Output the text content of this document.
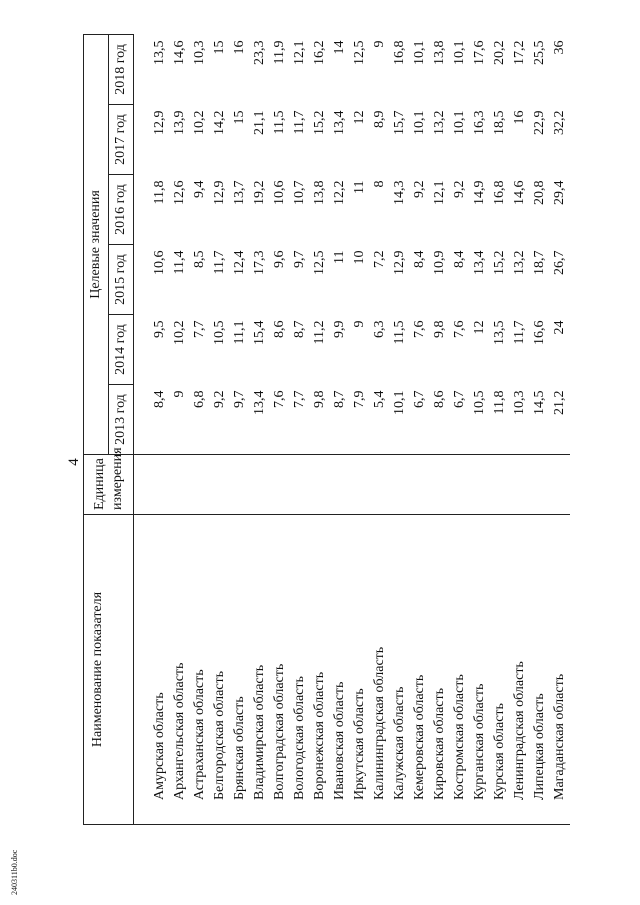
4
Наименование показателя	Единица измерения	Целевые значения					
		2013 год	2014 год	2015 год	2016 год	2017 год	2018 год

Амурская область		8,4	9,5	10,6	11,8	12,9	13,5
Архангельская область		9	10,2	11,4	12,6	13,9	14,6
Астраханская область		6,8	7,7	8,5	9,4	10,2	10,3
Белгородская область		9,2	10,5	11,7	12,9	14,2	15
Брянская область		9,7	11,1	12,4	13,7	15	16
Владимирская область		13,4	15,4	17,3	19,2	21,1	23,3
Волгоградская область		7,6	8,6	9,6	10,6	11,5	11,9
Вологодская область		7,7	8,7	9,7	10,7	11,7	12,1
Воронежская область		9,8	11,2	12,5	13,8	15,2	16,2
Ивановская область		8,7	9,9	11	12,2	13,4	14
Иркутская область		7,9	9	10	11	12	12,5
Калининградская область		5,4	6,3	7,2	8	8,9	9
Калужская область		10,1	11,5	12,9	14,3	15,7	16,8
Кемеровская область		6,7	7,6	8,4	9,2	10,1	10,1
Кировская область		8,6	9,8	10,9	12,1	13,2	13,8
Костромская область		6,7	7,6	8,4	9,2	10,1	10,1
Курганская область		10,5	12	13,4	14,9	16,3	17,6
Курская область		11,8	13,5	15,2	16,8	18,5	20,2
Ленинградская область		10,3	11,7	13,2	14,6	16	17,2
Липецкая область		14,5	16,6	18,7	20,8	22,9	25,5
Магаданская область		21,2	24	26,7	29,4	32,2	36
240311b0.doc
